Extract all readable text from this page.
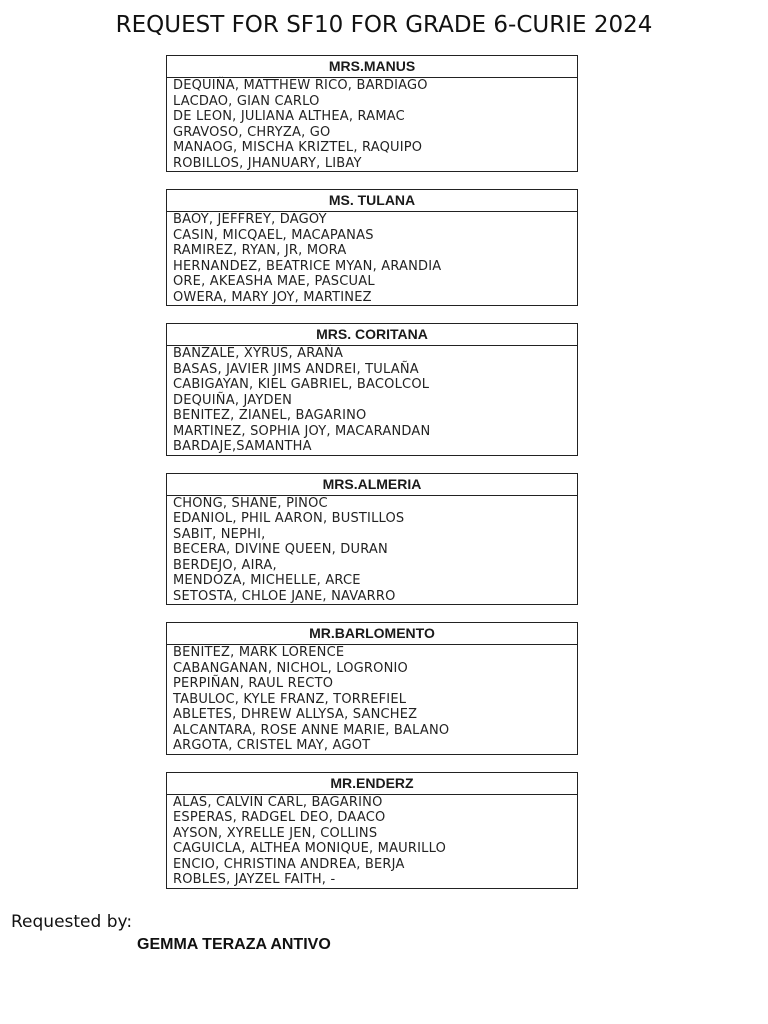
REQUEST FOR SF10 FOR GRADE 6-CURIE 2024
MRS.MANUS
DEQUIÑA, MATTHEW RICO, BARDIAGO
LACDAO, GIAN CARLO
DE LEON, JULIANA ALTHEA, RAMAC
GRAVOSO, CHRYZA, GO
MANAOG, MISCHA KRIZTEL, RAQUIPO
ROBILLOS, JHANUARY, LIBAY
MS. TULANA
BAOY, JEFFREY, DAGOY
CASIN, MICQAEL, MACAPANAS
RAMIREZ, RYAN, JR, MORA
HERNANDEZ, BEATRICE MYAN, ARANDIA
ORE, AKEASHA MAE, PASCUAL
OWERA, MARY JOY, MARTINEZ
MRS. CORITANA
BANZALE, XYRUS, ARAÑA
BASAS, JAVIER JIMS ANDREI, TULAÑA
CABIGAYAN, KIEL GABRIEL, BACOLCOL
DEQUIÑA, JAYDEN
BENITEZ, ZIANEL, BAGARINO
MARTINEZ, SOPHIA JOY, MACARANDAN
BARDAJE,SAMANTHA
MRS.ALMERIA
CHONG, SHANE, PINOC
EDANIOL, PHIL AARON, BUSTILLOS
SABIT, NEPHI,
BECERA, DIVINE QUEEN, DURAN
BERDEJO, AIRA,
MENDOZA, MICHELLE, ARCE
SETOSTA, CHLOE JANE, NAVARRO
MR.BARLOMENTO
BENITEZ, MARK LORENCE
CABANGANAN, NICHOL, LOGRONIO
PERPIÑAN, RAUL RECTO
TABULOC, KYLE FRANZ, TORREFIEL
ABLETES, DHREW ALLYSA, SANCHEZ
ALCANTARA, ROSE ANNE MARIE, BALANO
ARGOTA, CRISTEL MAY, AGOT
MR.ENDERZ
ALAS, CALVIN CARL, BAGARINO
ESPERAS, RADGEL DEO, DAACO
AYSON, XYRELLE JEN, COLLINS
CAGUICLA, ALTHEA MONIQUE, MAURILLO
ENCIO, CHRISTINA ANDREA, BERJA
ROBLES, JAYZEL FAITH, -
Requested by:
GEMMA TERAZA ANTIVO
